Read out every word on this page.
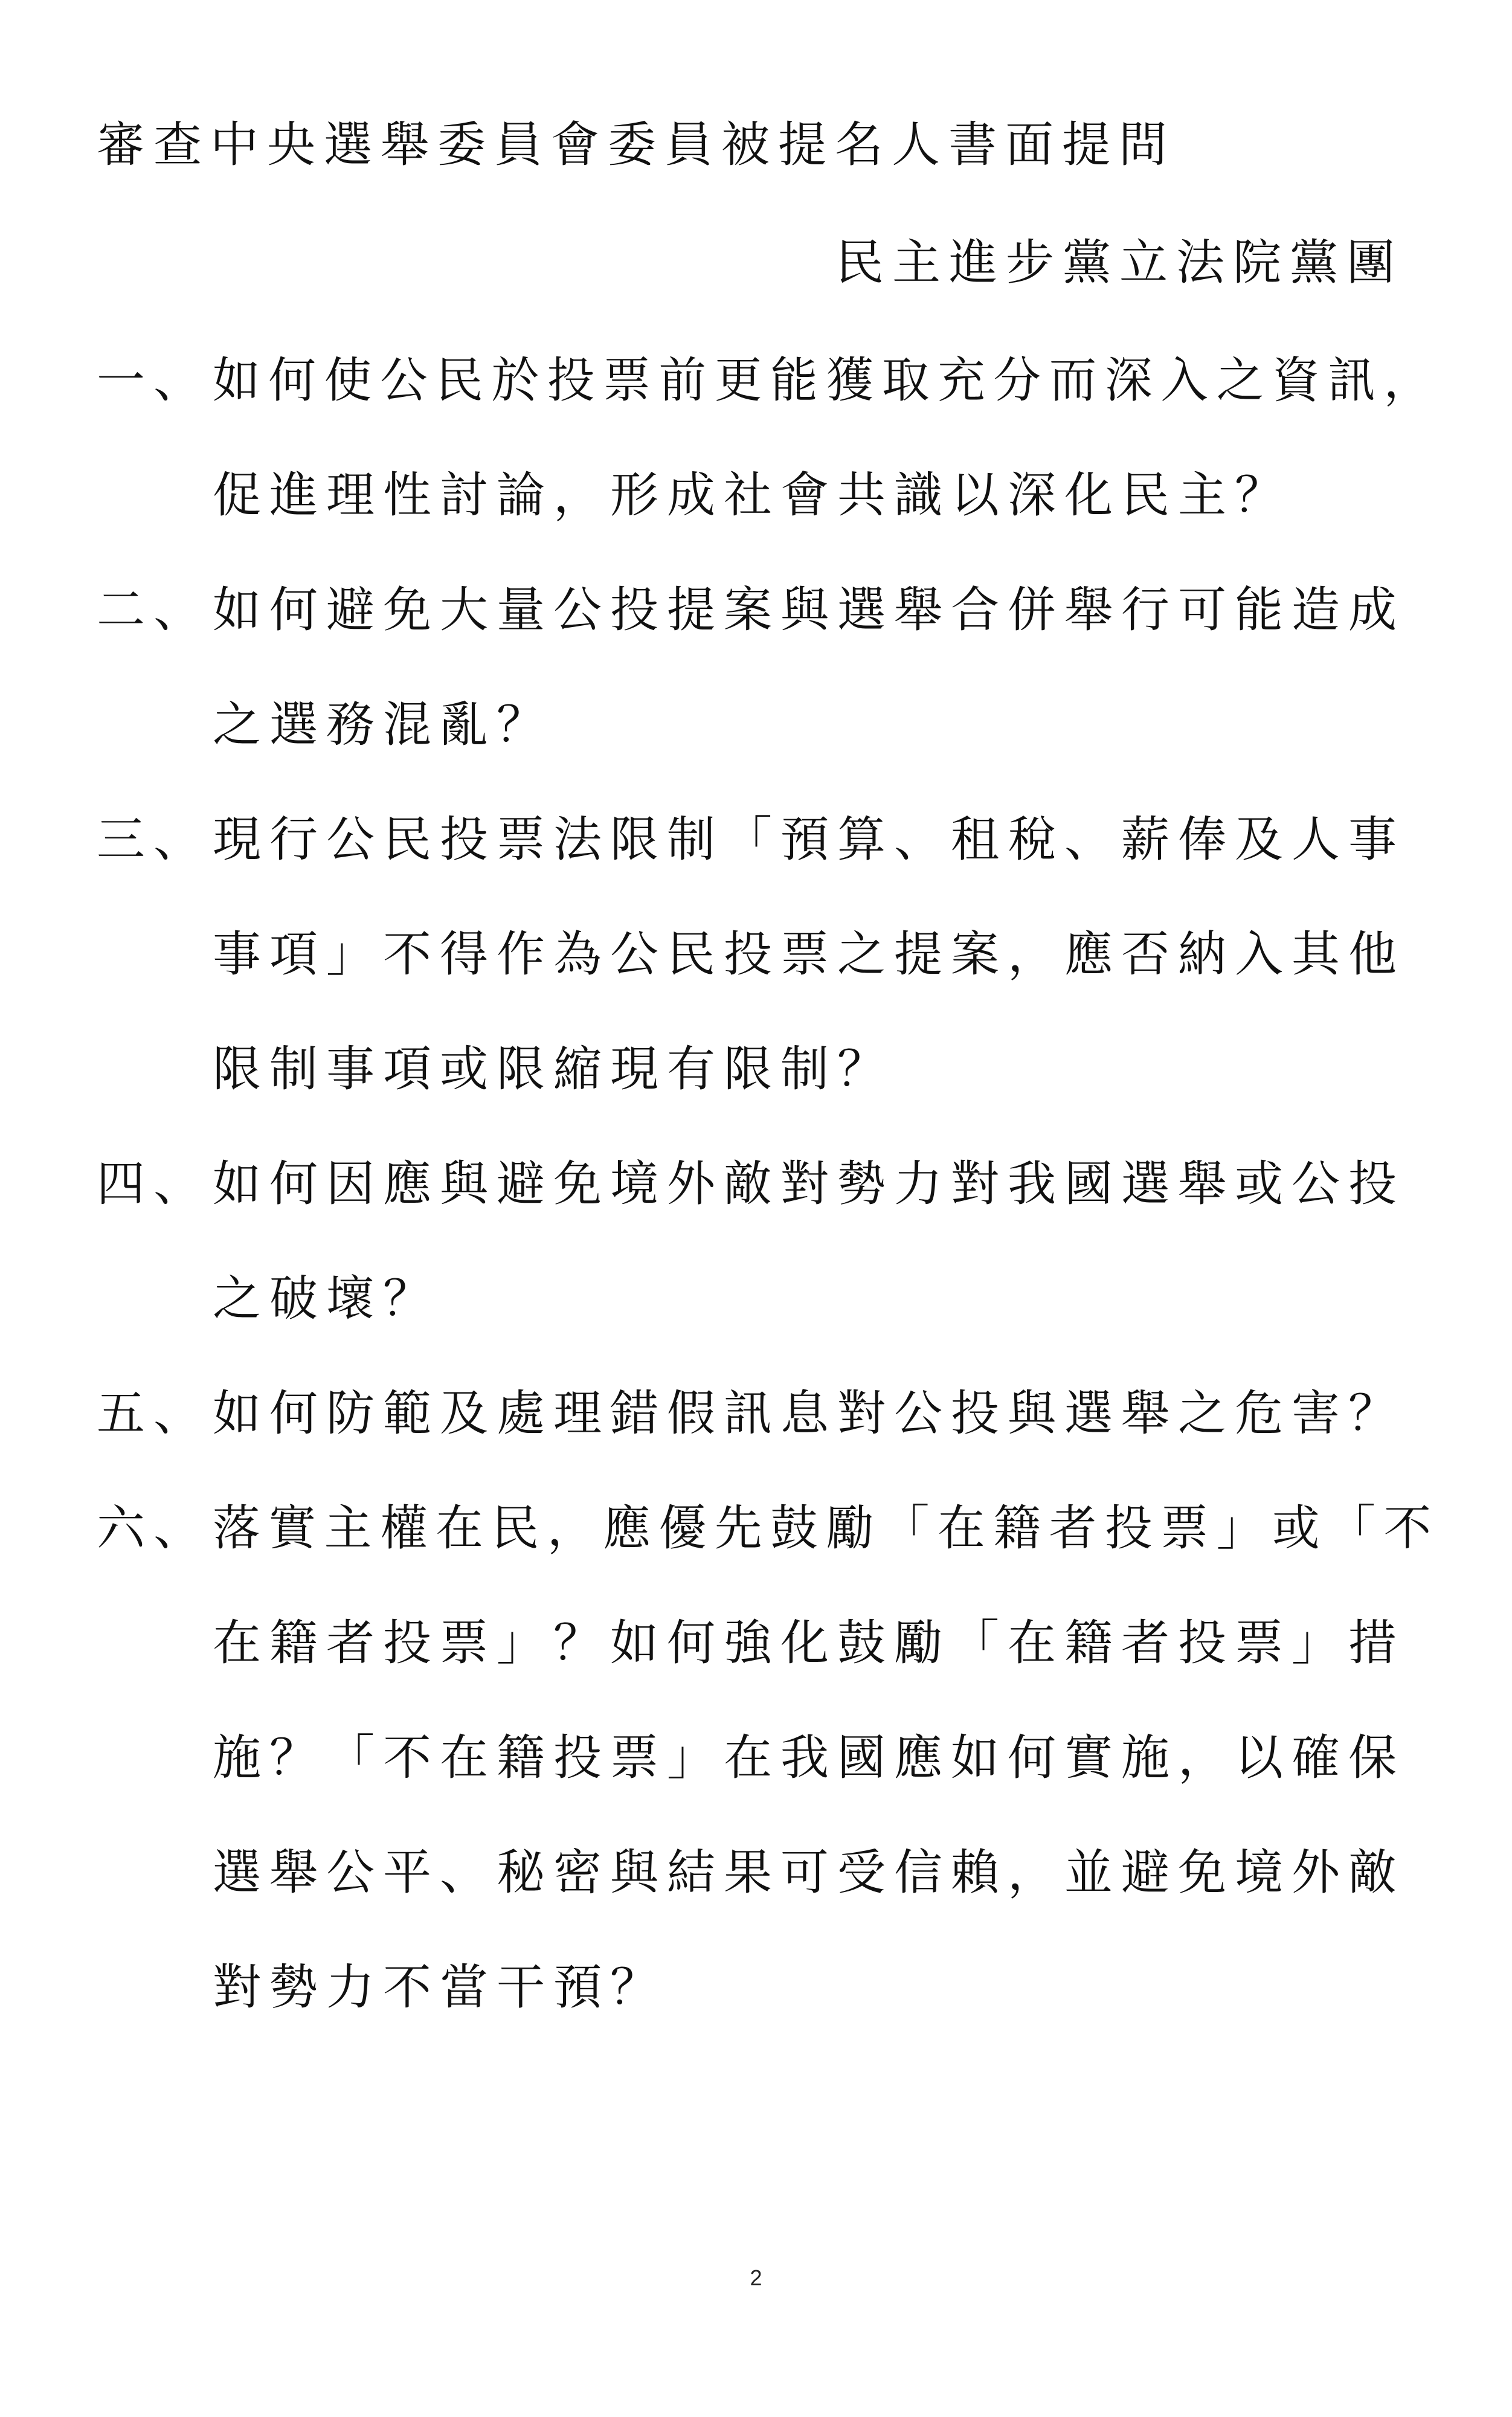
審查中央選舉委員會委員被提名人書面提問
民主進步黨立法院黨團
一、 如何使公民於投票前更能獲取充分而深入之資訊，
促進理性討論，形成社會共識以深化民主？
二、 如何避免大量公投提案與選舉合併舉行可能造成
之選務混亂？
三、 現行公民投票法限制「預算、租稅、薪俸及人事
事項」不得作為公民投票之提案，應否納入其他
限制事項或限縮現有限制？
四、 如何因應與避免境外敵對勢力對我國選舉或公投
之破壞？
五、 如何防範及處理錯假訊息對公投與選舉之危害？
六、 落實主權在民，應優先鼓勵「在籍者投票」或「不
在籍者投票」？如何強化鼓勵「在籍者投票」措
施？「不在籍投票」在我國應如何實施，以確保
選舉公平、秘密與結果可受信賴，並避免境外敵
對勢力不當干預？
2
